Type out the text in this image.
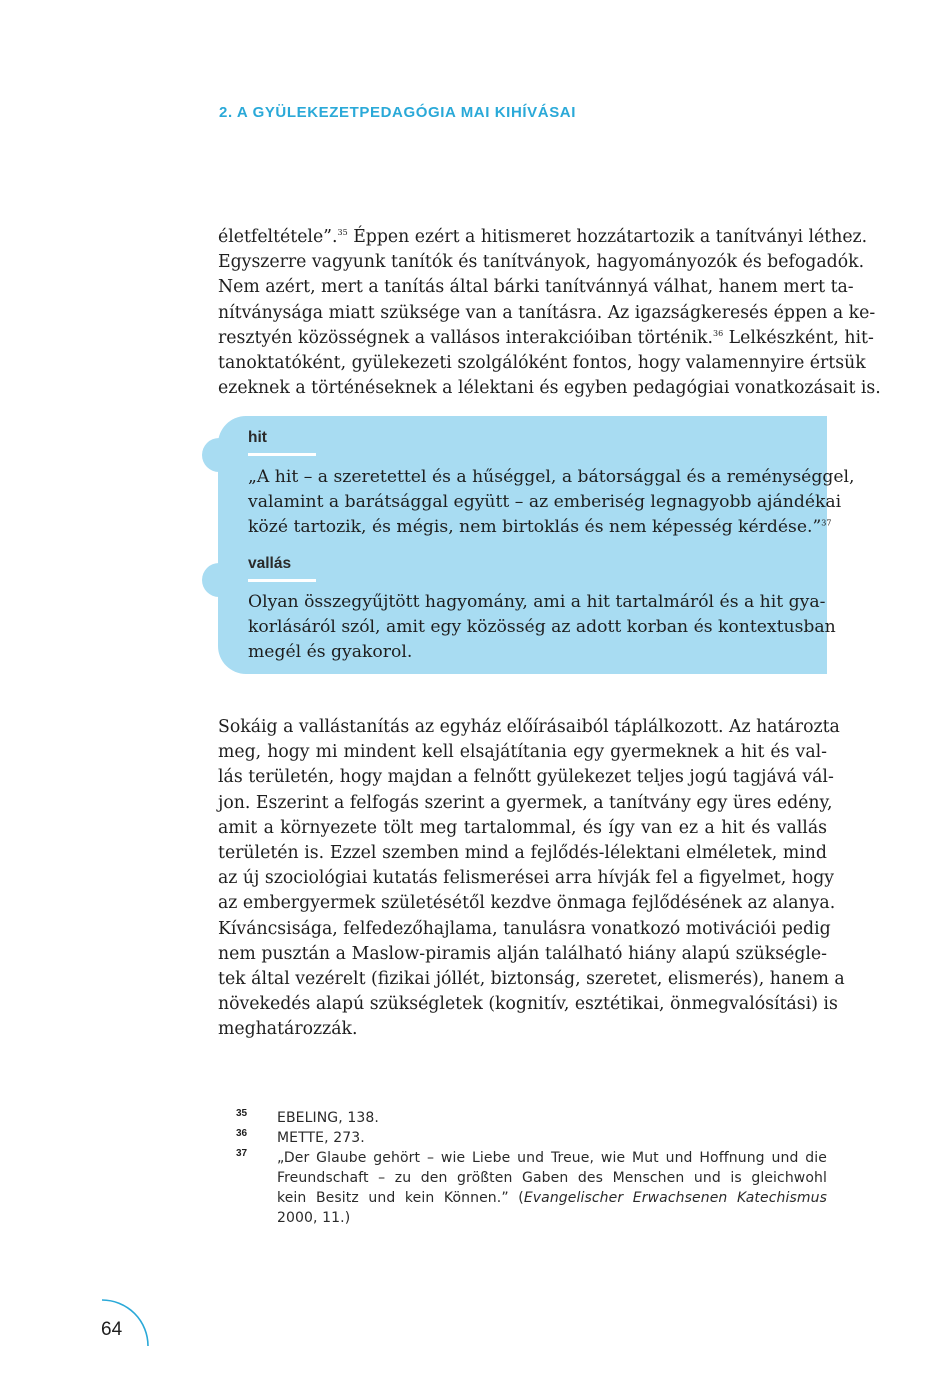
2. A GYÜLEKEZETPEDAGÓGIA MAI KIHÍVÁSAI
életfeltétele”.$^{35}$ Éppen ezért a hitismeret hozzátartozik a tanítványi léthez.
Egyszerre vagyunk tanítók és tanítványok, hagyományozók és befogadók.
Nem azért, mert a tanítás által bárki tanítvánnyá válhat, hanem mert ta-
nítványsága miatt szüksége van a tanításra. Az igazságkeresés éppen a ke-
resztyén közösségnek a vallásos interakcióiban történik.$^{36}$ Lelkészként, hit-
tanoktatóként, gyülekezeti szolgálóként fontos, hogy valamennyire értsük
ezeknek a történéseknek a lélektani és egyben pedagógiai vonatkozásait is.
hit
„A hit – a szeretettel és a hűséggel, a bátorsággal és a reménységgel,
valamint a barátsággal együtt – az emberiség legnagyobb ajándékai
közé tartozik, és mégis, nem birtoklás és nem képesség kérdése.”$^{37}$
vallás
Olyan összegyűjtött hagyomány, ami a hit tartalmáról és a hit gya-
korlásáról szól, amit egy közösség az adott korban és kontextusban
megél és gyakorol.
Sokáig a vallástanítás az egyház előírásaiból táplálkozott. Az határozta
meg, hogy mi mindent kell elsajátítania egy gyermeknek a hit és val-
lás területén, hogy majdan a felnőtt gyülekezet teljes jogú tagjává vál-
jon. Eszerint a felfogás szerint a gyermek, a tanítvány egy üres edény,
amit a környezete tölt meg tartalommal, és így van ez a hit és vallás
területén is. Ezzel szemben mind a fejlődés-lélektani elméletek, mind
az új szociológiai kutatás felismerései arra hívják fel a figyelmet, hogy
az embergyermek születésétől kezdve önmaga fejlődésének az alanya.
Kíváncsisága, felfedezőhajlama, tanulásra vonatkozó motivációi pedig
nem pusztán a Maslow-piramis alján található hiány alapú szükségle-
tek által vezérelt (fizikai jóllét, biztonság, szeretet, elismerés), hanem a
növekedés alapú szükségletek (kognitív, esztétikai, önmegvalósítási) is
meghatározzák.
35 EBELING, 138.
36 METTE, 273.
37 „Der Glaube gehört – wie Liebe und Treue, wie Mut und Hoffnung und die
Freundschaft – zu den größten Gaben des Menschen und is gleichwohl
kein Besitz und kein Können.” (Evangelischer Erwachsenen Katechismus
2000, 11.)
64
